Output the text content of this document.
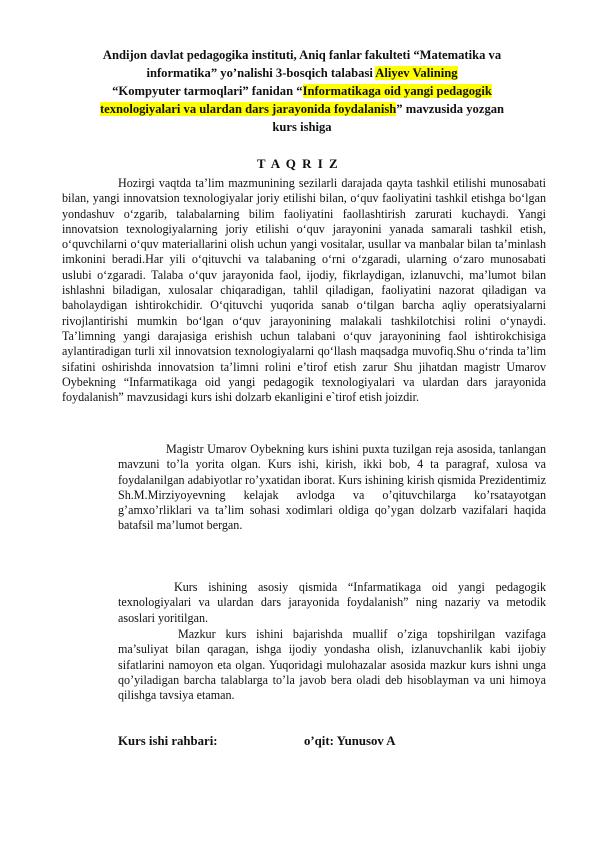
Andijon davlat pedagogika instituti, Aniq fanlar fakulteti “Matematika va
informatika” yo’nalishi 3-bosqich talabasi Aliyev Valining
“Kompyuter tarmoqlari” fanidan “Informatikaga oid yangi pedagogik
texnologiyalari va ulardan dars jarayonida foydalanish” mavzusida yozgan
kurs ishiga
T A Q R I Z

Hozirgi vaqtda ta’lim mazmunining sezilarli darajada qayta tashkil etilishi munosabati bilan, yangi innovatsion texnologiyalar joriy etilishi bilan, o‘quv faoliyatini tashkil etishga bo‘lgan yondashuv o‘zgarib, talabalarning bilim faoliyatini faollashtirish zarurati kuchaydi. Yangi innovatsion texnologiyalarning joriy etilishi o‘quv jarayonini yanada samarali tashkil etish, o‘quvchilarni o‘quv materiallarini olish uchun yangi vositalar, usullar va manbalar bilan ta’minlash imkonini beradi.Har yili o‘qituvchi va talabaning o‘rni o‘zgaradi, ularning o‘zaro munosabati uslubi o‘zgaradi. Talaba o‘quv jarayonida faol, ijodiy, fikrlaydigan, izlanuvchi, ma’lumot bilan ishlashni biladigan, xulosalar chiqaradigan, tahlil qiladigan, faoliyatini nazorat qiladigan va baholaydigan ishtirokchidir. O‘qituvchi yuqorida sanab o‘tilgan barcha aqliy operatsiyalarni rivojlantirishi mumkin bo‘lgan o‘quv jarayonining malakali tashkilotchisi rolini o‘ynaydi. Ta’limning yangi darajasiga erishish uchun talabani o‘quv jarayonining faol ishtirokchisiga aylantiradigan turli xil innovatsion texnologiyalarni qo‘llash maqsadga muvofiq.Shu o‘rinda ta’lim sifatini oshirishda innovatsion ta’limni rolini e’tirof etish zarur Shu jihatdan magistr Umarov Oybekning “Infarmatikaga oid yangi pedagogik texnologiyalari va ulardan dars jarayonida foydalanish” mavzusidagi kurs ishi dolzarb ekanligini e`tirof etish joizdir.

Magistr Umarov Oybekning kurs ishini puxta tuzilgan reja asosida, tanlangan mavzuni to’la yorita olgan. Kurs ishi, kirish, ikki bob, 4 ta paragraf, xulosa va foydalanilgan adabiyotlar ro’yxatidan iborat. Kurs ishining kirish qismida Prezidentimiz Sh.M.Mirziyoyevning kelajak avlodga va o’qituvchilarga ko’rsatayotgan g’amxo’rliklari va ta’lim sohasi xodimlari oldiga qo’ygan dolzarb vazifalari haqida batafsil ma’lumot bergan.

Kurs ishining asosiy qismida “Infarmatikaga oid yangi pedagogik texnologiyalari va ulardan dars jarayonida foydalanish” ning nazariy va metodik asoslari yoritilgan.

Mazkur kurs ishini bajarishda muallif o’ziga topshirilgan vazifaga ma’suliyat bilan qaragan, ishga ijodiy yondasha olish, izlanuvchanlik kabi ijobiy sifatlarini namoyon eta olgan. Yuqoridagi mulohazalar asosida mazkur kurs ishni unga qo’yiladigan barcha talablarga to’la javob bera oladi deb hisoblayman va uni himoya qilishga tavsiya etaman.

Kurs ishi rahbari:	o’qit: Yunusov A
